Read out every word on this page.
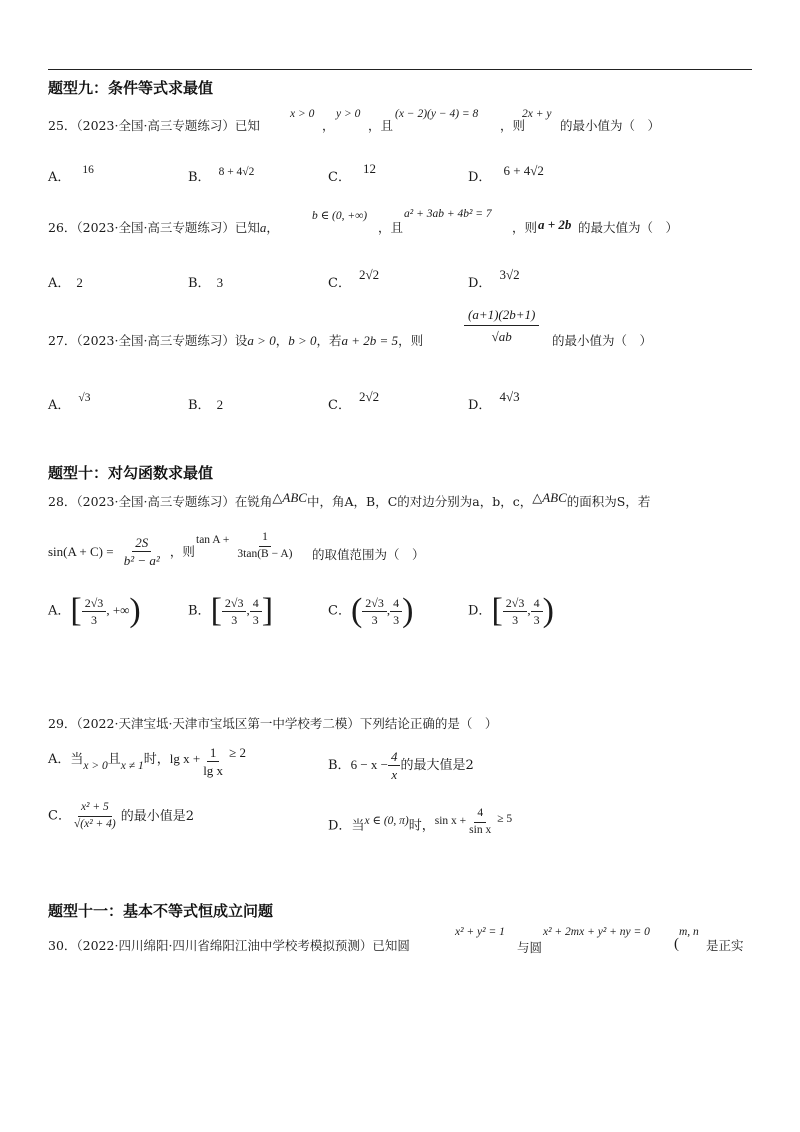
题型九：条件等式求最值
25．（2023·全国·高三专题练习）已知
x > 0
，
y > 0
，且
(x − 2)(y − 4) = 8
，则
2x + y
的最小值为（　）
A． 16	B． 8 + 4√2	C．12
D． 6 + 4√2
26．（2023·全国·高三专题练习）已知a，
b ∈ (0, +∞)
，且
a² + 3ab + 4b² = 7
，则 a + 2b 的最大值为（　）
A． 2	B． 3	C．2√2
D．3√2
27．（2023·全国·高三专题练习）设a > 0，b > 0，若a + 2b = 5，则	$\frac{(a+1)(2b+1)}{√ab}$ 的最小值为（　）
A． √3	B． 2	C．2√2
D．4√3
题型十：对勾函数求最值
28．（2023·全国·高三专题练习）在锐角△ABC中，角A，B，C的对边分别为a，b，c，△ABC的面积为S，若
$\sin(A + C) = \frac{2S}{\text{b² − a²}}$ ，则
$^{tan A +} \frac{1}{3\tan(B - A)}$ 的取值范围为（　）
A．[ $\frac{2√3}{3}$ , +∞)	B．[ $\frac{2√3}{3}$ , $\frac{4}{3}$ ]	C．( $\frac{2√3}{3}$ , $\frac{4}{3}$ )	D．[ $\frac{2√3}{3}$ , $\frac{4}{3}$ )
29．（2022·天津宝坻·天津市宝坻区第一中学校考二模）下列结论正确的是（　）
A．当x > 0且x ≠ 1时，$\lg x + \frac{1}{\text{lg x}} \ge 2$
B．$6 - x - \frac{4}{x}$ 的最大值是2
C． $\frac{\text{x² + 5}}{\text{√(x² + 4)}}$ 的最小值是2
D．当x ∈ (0, π)时，$\sin x + \frac{4}{\text{sin x}} \ge 5$
题型十一：基本不等式恒成立问题
30．（2022·四川绵阳·四川省绵阳江油中学校考模拟预测）已知圆
x² + y² = 1
与圆
x² + 2mx + y² + ny = 0
(
m, n
是正实
